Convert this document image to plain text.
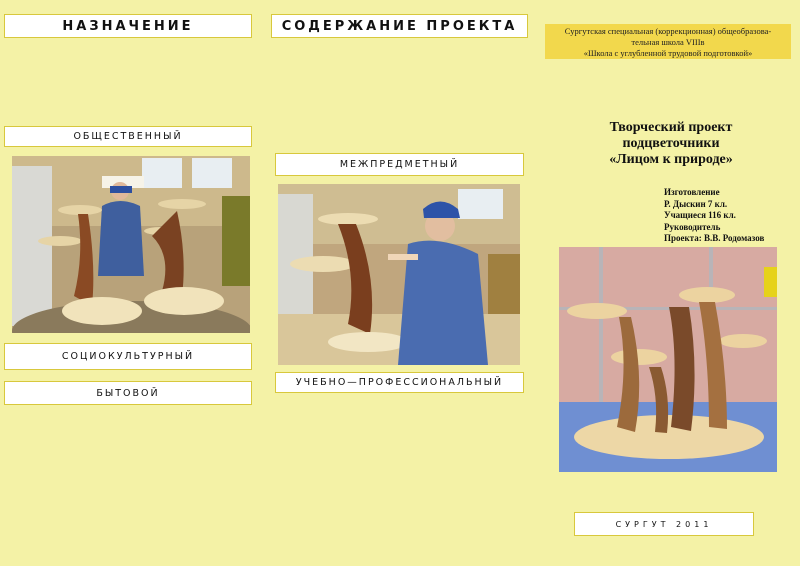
НАЗНАЧЕНИЕ
ОБЩЕСТВЕННЫЙ
СОЦИОКУЛЬТУРНЫЙ
БЫТОВОЙ
СОДЕРЖАНИЕ ПРОЕКТА
МЕЖПРЕДМЕТНЫЙ
УЧЕБНО—ПРОФЕССИОНАЛЬНЫЙ
Сургутская специальная (коррекционная) общеобразова-
тельная школа VIIIв
«Школа с углубленной трудовой подготовкой»
Творческий проект
подцветочники
«Лицом к природе»
Изготовление
Р. Дыскин 7 кл.
Учащиеся 116 кл.
Руководитель
Проекта: В.В. Родомазов
СУРГУТ 2011
